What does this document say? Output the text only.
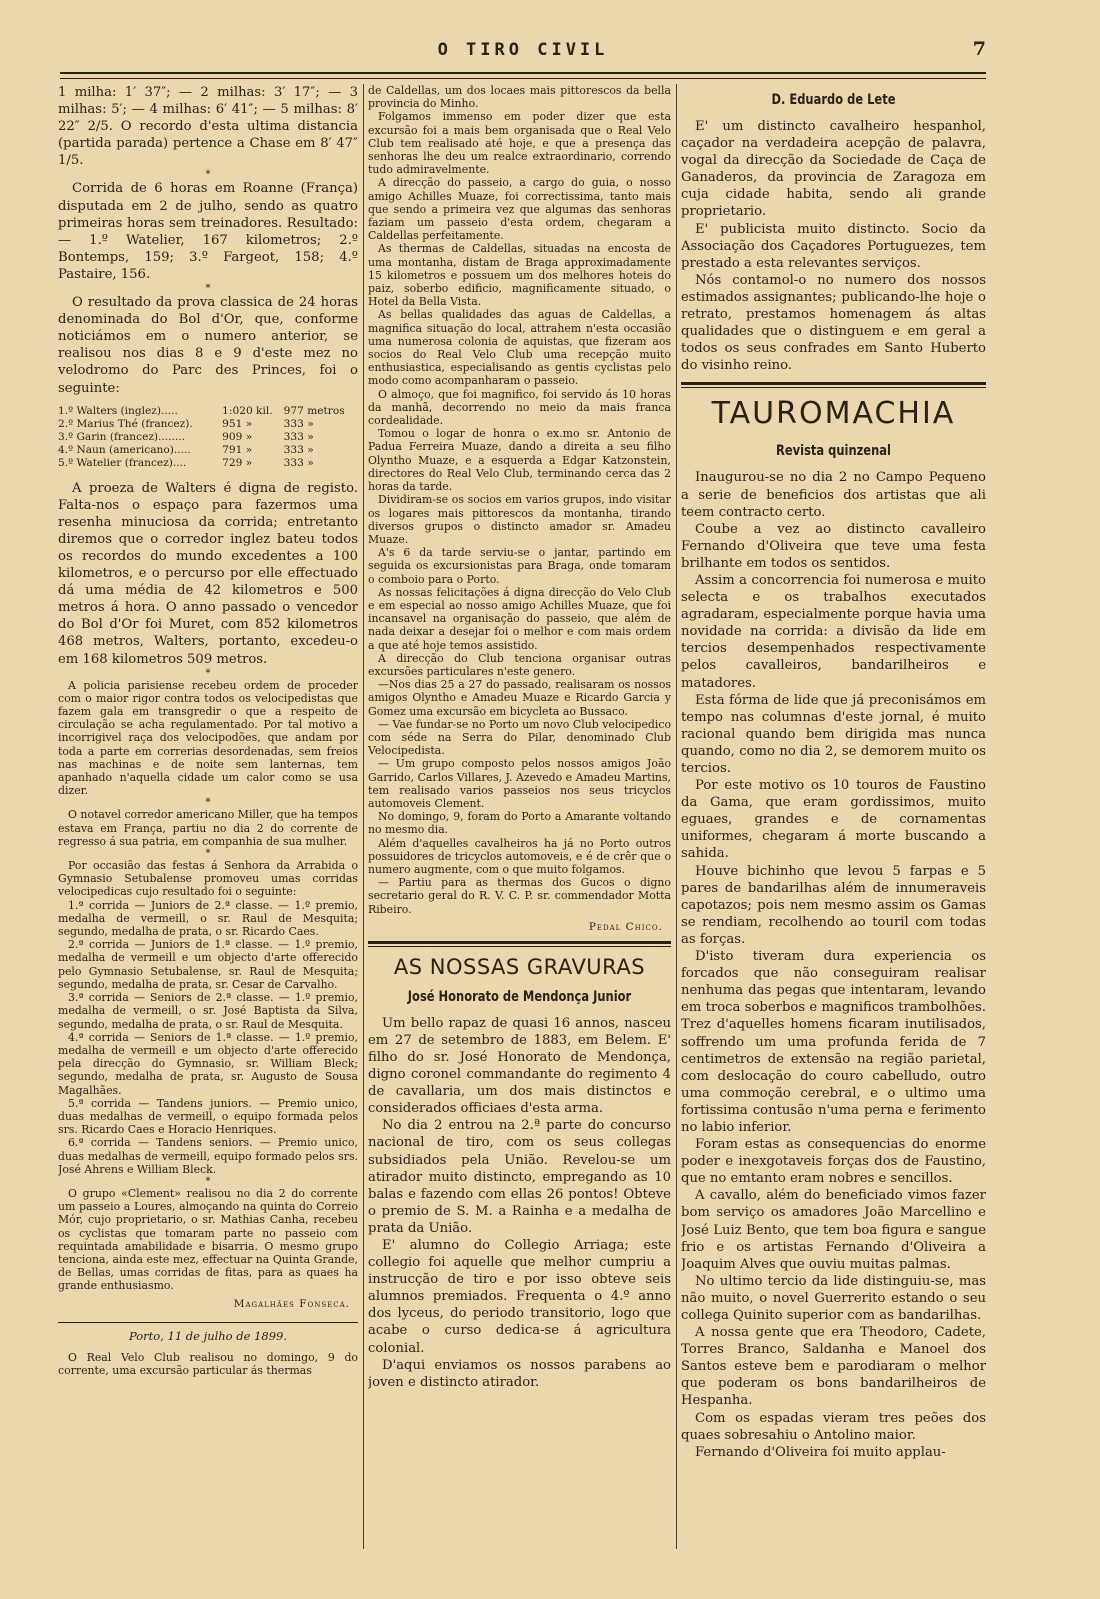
O TIRO CIVIL	7

1 milha: 1′ 37″; — 2 milhas: 3′ 17″; — 3 milhas: 5′; — 4 milhas: 6′ 41″; — 5 milhas: 8′ 22″ 2/5. O recordo d'esta ultima distancia (partida parada) pertence a Chase em 8′ 47″ 1/5.

*

Corrida de 6 horas em Roanne (França) disputada em 2 de julho, sendo as quatro primeiras horas sem treinadores. Resultado: — 1.º Watelier, 167 kilometros; 2.º Bontemps, 159; 3.º Fargeot, 158; 4.º Pastaire, 156.

*

O resultado da prova classica de 24 horas denominada do Bol d'Or, que, conforme noticiámos em o numero anterior, se realisou nos dias 8 e 9 d'este mez no velodromo do Parc des Princes, foi o seguinte:

1.º Walters (inglez).....	1:020 kil.	977 metros
2.º Marius Thé (francez).	951 »	333 »
3.º Garin (francez)........	909 »	333 »
4.º Naun (americano).....	791 »	333 »
5.º Watelier (francez)....	729 »	333 »

A proeza de Walters é digna de registo. Falta-nos o espaço para fazermos uma resenha minuciosa da corrida; entretanto diremos que o corredor inglez bateu todos os recordos do mundo excedentes a 100 kilometros, e o percurso por elle effectuado dá uma média de 42 kilometros e 500 metros á hora. O anno passado o vencedor do Bol d'Or foi Muret, com 852 kilometros 468 metros, Walters, portanto, excedeu-o em 168 kilometros 509 metros.

*

A policia parisiense recebeu ordem de proceder com o maior rigor contra todos os velocipedistas que fazem gala em transgredir o que a respeito de circulação se acha regulamentado. Por tal motivo a incorrigivel raça dos velocipodões, que andam por toda a parte em correrias desordenadas, sem freios nas machinas e de noite sem lanternas, tem apanhado n'aquella cidade um calor como se usa dizer.

*

O notavel corredor americano Miller, que ha tempos estava em França, partiu no dia 2 do corrente de regresso á sua patria, em companhia de sua mulher.

*

Por occasião das festas á Senhora da Arrabida o Gymnasio Setubalense promoveu umas corridas velocipedicas cujo resultado foi o seguinte:

1.ª corrida — Juniors de 2.ª classe. — 1.º premio, medalha de vermeill, o sr. Raul de Mesquita; segundo, medalha de prata, o sr. Ricardo Caes.

2.ª corrida — Juniors de 1.ª classe. — 1.º premio, medalha de vermeill e um objecto d'arte offerecido pelo Gymnasio Setubalense, sr. Raul de Mesquita; segundo, medalha de prata, sr. Cesar de Carvalho.

3.ª corrida — Seniors de 2.ª classe. — 1.º premio, medalha de vermeill, o sr. José Baptista da Silva, segundo, medalha de prata, o sr. Raul de Mesquita.

4.ª corrida — Seniors de 1.ª classe. — 1.º premio, medalha de vermeill e um objecto d'arte offerecido pela direcção do Gymnasio, sr. William Bleck; segundo, medalha de prata, sr. Augusto de Sousa Magalhães.

5.ª corrida — Tandens juniors. — Premio unico, duas medalhas de vermeill, o equipo formada pelos srs. Ricardo Caes e Horacio Henriques.

6.ª corrida — Tandens seniors. — Premio unico, duas medalhas de vermeill, equipo formado pelos srs. José Ahrens e William Bleck.

*

O grupo «Clement» realisou no dia 2 do corrente um passeio a Loures, almoçando na quinta do Correio Mór, cujo proprietario, o sr. Mathias Canha, recebeu os cyclistas que tomaram parte no passeio com requintada amabilidade e bisarria. O mesmo grupo tenciona, ainda este mez, effectuar na Quinta Grande, de Bellas, umas corridas de fitas, para as quaes ha grande enthusiasmo.

Magalhães Fonseca.
Porto, 11 de julho de 1899.

O Real Velo Club realisou no domingo, 9 do corrente, uma excursão particular ás thermas

de Caldellas, um dos locaes mais pittorescos da bella provincia do Minho.

Folgamos immenso em poder dizer que esta excursão foi a mais bem organisada que o Real Velo Club tem realisado até hoje, e que a presença das senhoras lhe deu um realce extraordinario, correndo tudo admiravelmente.

A direcção do passeio, a cargo do guia, o nosso amigo Achilles Muaze, foi correctissima, tanto mais que sendo a primeira vez que algumas das senhoras faziam um passeio d'esta ordem, chegaram a Caldellas perfeitamente.

As thermas de Caldellas, situadas na encosta de uma montanha, distam de Braga approximadamente 15 kilometros e possuem um dos melhores hoteis do paiz, soberbo edificio, magnificamente situado, o Hotel da Bella Vista.

As bellas qualidades das aguas de Caldellas, a magnifica situação do local, attrahem n'esta occasião uma numerosa colonia de aquistas, que fizeram aos socios do Real Velo Club uma recepção muito enthusiastica, especialisando as gentis cyclistas pelo modo como acompanharam o passeio.

O almoço, que foi magnifico, foi servido ás 10 horas da manhã, decorrendo no meio da mais franca cordealidade.

Tomou o logar de honra o ex.mo sr. Antonio de Padua Ferreira Muaze, dando a direita a seu filho Olyntho Muaze, e a esquerda a Edgar Katzonstein, directores do Real Velo Club, terminando cerca das 2 horas da tarde.

Dividiram-se os socios em varios grupos, indo visitar os logares mais pittorescos da montanha, tirando diversos grupos o distincto amador sr. Amadeu Muaze.

A's 6 da tarde serviu-se o jantar, partindo em seguida os excursionistas para Braga, onde tomaram o comboio para o Porto.

As nossas felicitações á digna direcção do Velo Club e em especial ao nosso amigo Achilles Muaze, que foi incansavel na organisação do passeio, que além de nada deixar a desejar foi o melhor e com mais ordem a que até hoje temos assistido.

A direcção do Club tenciona organisar outras excursões particulares n'este genero.

—Nos dias 25 a 27 do passado, realisaram os nossos amigos Olyntho e Amadeu Muaze e Ricardo Garcia y Gomez uma excursão em bicycleta ao Bussaco.

— Vae fundar-se no Porto um novo Club velocipedico com séde na Serra do Pilar, denominado Club Velocipedista.

— Um grupo composto pelos nossos amigos João Garrido, Carlos Villares, J. Azevedo e Amadeu Martins, tem realisado varios passeios nos seus tricyclos automoveis Clement.

No domingo, 9, foram do Porto a Amarante voltando no mesmo dia.

Além d'aquelles cavalheiros ha já no Porto outros possuidores de tricyclos automoveis, e é de crêr que o numero augmente, com o que muito folgamos.

— Partiu para as thermas dos Gucos o digno secretario geral do R. V. C. P. sr. commendador Motta Ribeiro.

Pedal Chico.
AS NOSSAS GRAVURAS
José Honorato de Mendonça Junior

Um bello rapaz de quasi 16 annos, nasceu em 27 de setembro de 1883, em Belem. E' filho do sr. José Honorato de Mendonça, digno coronel commandante do regimento 4 de cavallaria, um dos mais distinctos e considerados officiaes d'esta arma.

No dia 2 entrou na 2.ª parte do concurso nacional de tiro, com os seus collegas subsidiados pela União. Revelou-se um atirador muito distincto, empregando as 10 balas e fazendo com ellas 26 pontos! Obteve o premio de S. M. a Rainha e a medalha de prata da União.

E' alumno do Collegio Arriaga; este collegio foi aquelle que melhor cumpriu a instrucção de tiro e por isso obteve seis alumnos premiados. Frequenta o 4.º anno dos lyceus, do periodo transitorio, logo que acabe o curso dedica-se á agricultura colonial.

D'aqui enviamos os nossos parabens ao joven e distincto atirador.

D. Eduardo de Lete

E' um distincto cavalheiro hespanhol, caçador na verdadeira acepção de palavra, vogal da direcção da Sociedade de Caça de Ganaderos, da provincia de Zaragoza em cuja cidade habita, sendo ali grande proprietario.

E' publicista muito distincto. Socio da Associação dos Caçadores Portuguezes, tem prestado a esta relevantes serviços.

Nós contamol-o no numero dos nossos estimados assignantes; publicando-lhe hoje o retrato, prestamos homenagem ás altas qualidades que o distinguem e em geral a todos os seus confrades em Santo Huberto do visinho reino.

TAUROMACHIA
Revista quinzenal

Inaugurou-se no dia 2 no Campo Pequeno a serie de beneficios dos artistas que ali teem contracto certo.

Coube a vez ao distincto cavalleiro Fernando d'Oliveira que teve uma festa brilhante em todos os sentidos.

Assim a concorrencia foi numerosa e muito selecta e os trabalhos executados agradaram, especialmente porque havia uma novidade na corrida: a divisão da lide em tercios desempenhados respectivamente pelos cavalleiros, bandarilheiros e matadores.

Esta fórma de lide que já preconisámos em tempo nas columnas d'este jornal, é muito racional quando bem dirigida mas nunca quando, como no dia 2, se demorem muito os tercios.

Por este motivo os 10 touros de Faustino da Gama, que eram gordissimos, muito eguaes, grandes e de cornamentas uniformes, chegaram á morte buscando a sahida.

Houve bichinho que levou 5 farpas e 5 pares de bandarilhas além de innumeraveis capotazos; pois nem mesmo assim os Gamas se rendiam, recolhendo ao touril com todas as forças.

D'isto tiveram dura experiencia os forcados que não conseguiram realisar nenhuma das pegas que intentaram, levando em troca soberbos e magnificos trambolhões. Trez d'aquelles homens ficaram inutilisados, soffrendo um uma profunda ferida de 7 centimetros de extensão na região parietal, com deslocação do couro cabelludo, outro uma commoção cerebral, e o ultimo uma fortissima contusão n'uma perna e ferimento no labio inferior.

Foram estas as consequencias do enorme poder e inexgotaveis forças dos de Faustino, que no emtanto eram nobres e sencillos.

A cavallo, além do beneficiado vimos fazer bom serviço os amadores João Marcellino e José Luiz Bento, que tem boa figura e sangue frio e os artistas Fernando d'Oliveira a Joaquim Alves que ouviu muitas palmas.

No ultimo tercio da lide distinguiu-se, mas não muito, o novel Guerrerito estando o seu collega Quinito superior com as bandarilhas.

A nossa gente que era Theodoro, Cadete, Torres Branco, Saldanha e Manoel dos Santos esteve bem e parodiaram o melhor que poderam os bons bandarilheiros de Hespanha.

Com os espadas vieram tres peões dos quaes sobresahiu o Antolino maior.

Fernando d'Oliveira foi muito applau-
